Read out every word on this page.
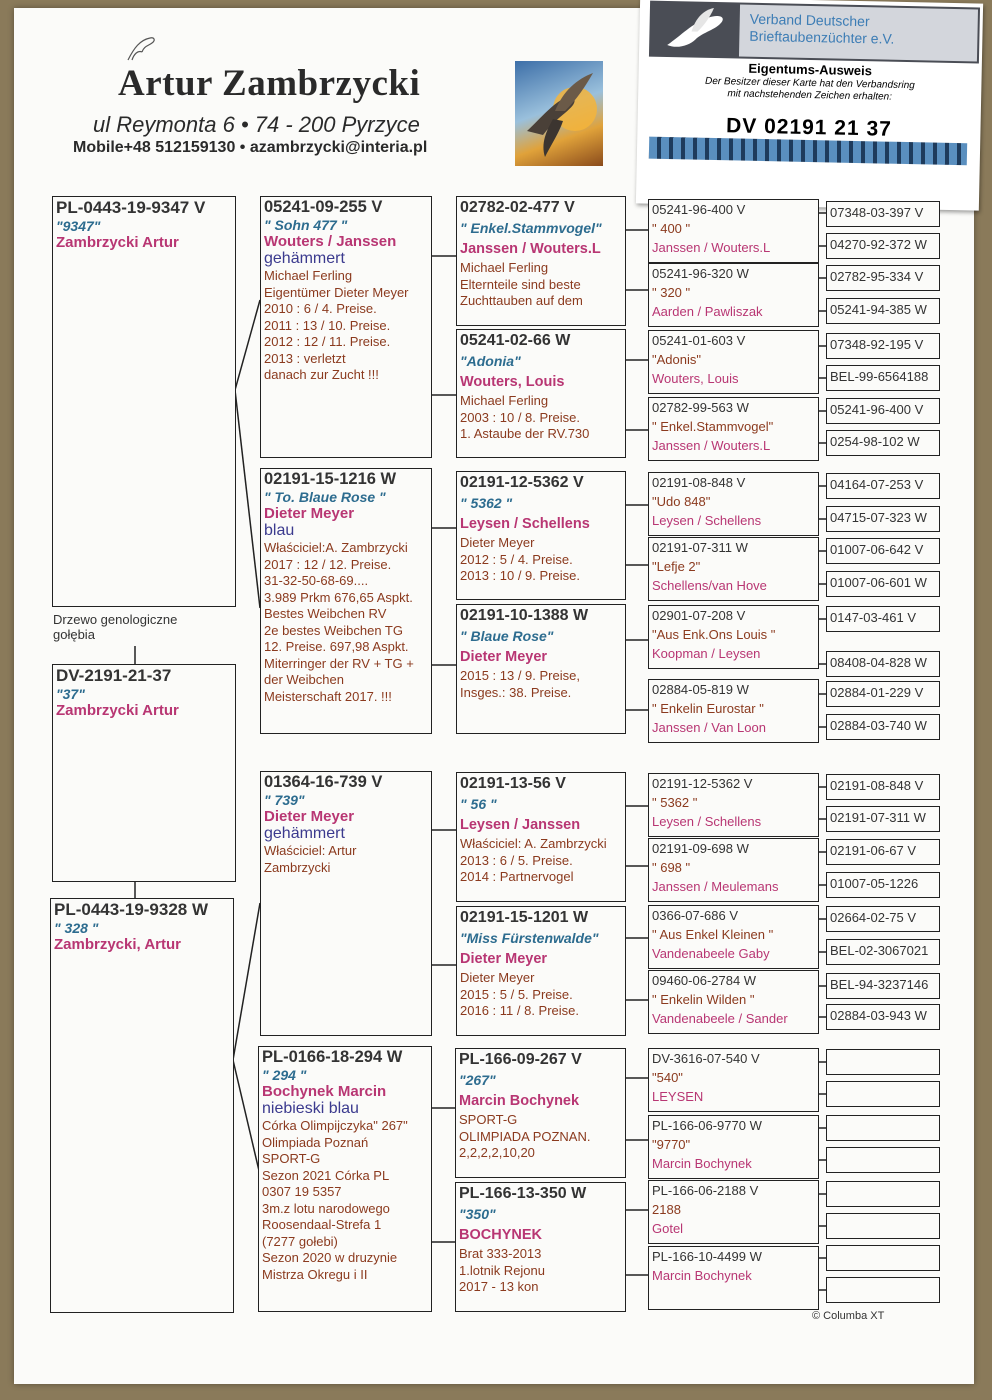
Artur Zambrzycki
ul Reymonta 6 • 74 - 200 Pyrzyce
Mobile+48 512159130 • azambrzycki@interia.pl
Verband Deutscher
Brieftaubenzüchter e.V.
Eigentums-Ausweis
Der Besitzer dieser Karte hat den Verbandsring
mit nachstehenden Zeichen erhalten:
DV 02191 21 37
PL-0443-19-9347 V
"9347"
Zambrzycki Artur
Drzewo genologiczne
gołębia
DV-2191-21-37
"37"
Zambrzycki Artur
PL-0443-19-9328 W
" 328 "
Zambrzycki, Artur
05241-09-255 V
" Sohn 477 "
Wouters / Janssen
gehämmert
Michael Ferling
Eigentümer Dieter Meyer
2010 : 6 / 4. Preise.
2011 : 13 / 10. Preise.
2012 : 12 / 11. Preise.
2013 : verletzt
danach zur Zucht !!!
02191-15-1216 W
" To. Blaue Rose "
Dieter Meyer
blau
Właściciel:A. Zambrzycki
2017 : 12 / 12. Preise.
31-32-50-68-69....
3.989 Prkm 676,65 Aspkt.
Bestes Weibchen RV
2e bestes Weibchen TG
12. Preise. 697,98 Aspkt.
Miterringer der RV + TG +
der Weibchen
Meisterschaft 2017. !!!
01364-16-739 V
" 739"
Dieter Meyer
gehämmert
Właściciel: Artur
Zambrzycki
PL-0166-18-294 W
" 294 "
Bochynek Marcin
niebieski blau
Córka Olimpijczyka" 267"
Olimpiada Poznań
SPORT-G
Sezon 2021 Córka PL
0307 19 5357
3m.z lotu narodowego
Roosendaal-Strefa 1
(7277 gołebi)
Sezon 2020 w druzynie
Mistrza Okregu i II
02782-02-477 V
" Enkel.Stammvogel"
Janssen / Wouters.L
Michael Ferling
Elternteile sind beste
Zuchttauben auf dem
05241-02-66 W
"Adonia"
Wouters, Louis
Michael Ferling
2003 : 10 / 8. Preise.
1. Astaube der RV.730
02191-12-5362 V
" 5362 "
Leysen / Schellens
Dieter Meyer
2012 : 5 / 4. Preise.
2013 : 10 / 9. Preise.
02191-10-1388 W
" Blaue Rose"
Dieter Meyer
2015 : 13 / 9. Preise,
Insges.: 38. Preise.
02191-13-56 V
" 56 "
Leysen / Janssen
Właściciel: A. Zambrzycki
2013 : 6 / 5. Preise.
2014 : Partnervogel
02191-15-1201 W
"Miss Fürstenwalde"
Dieter Meyer
Dieter Meyer
2015 : 5 / 5. Preise.
2016 : 11 / 8. Preise.
PL-166-09-267 V
"267"
Marcin Bochynek
SPORT-G
OLIMPIADA POZNAN.
2,2,2,2,10,20
PL-166-13-350 W
"350"
BOCHYNEK
Brat 333-2013
1.lotnik Rejonu
2017 - 13 kon
05241-96-400 V
" 400 "
Janssen / Wouters.L
05241-96-320 W
" 320 "
Aarden / Pawliszak
05241-01-603 V
"Adonis"
Wouters, Louis
02782-99-563 W
" Enkel.Stammvogel"
Janssen / Wouters.L
02191-08-848 V
"Udo 848"
Leysen / Schellens
02191-07-311 W
"Lefje 2"
Schellens/van Hove
02901-07-208 V
"Aus Enk.Ons Louis "
Koopman / Leysen
02884-05-819 W
" Enkelin Eurostar "
Janssen / Van Loon
02191-12-5362 V
" 5362 "
Leysen / Schellens
02191-09-698 W
" 698 "
Janssen / Meulemans
0366-07-686 V
" Aus Enkel Kleinen "
Vandenabeele Gaby
09460-06-2784 W
" Enkelin Wilden "
Vandenabeele / Sander
DV-3616-07-540 V
"540"
LEYSEN
PL-166-06-9770 W
"9770"
Marcin Bochynek
PL-166-06-2188 V
2188
Gotel
PL-166-10-4499 W
Marcin Bochynek
07348-03-397 V
04270-92-372 W
02782-95-334 V
05241-94-385 W
07348-92-195 V
BEL-99-6564188
05241-96-400 V
0254-98-102 W
04164-07-253 V
04715-07-323 W
01007-06-642 V
01007-06-601 W
0147-03-461 V
08408-04-828 W
02884-01-229 V
02884-03-740 W
02191-08-848 V
02191-07-311 W
02191-06-67 V
01007-05-1226
02664-02-75 V
BEL-02-3067021
BEL-94-3237146
02884-03-943 W
© Columba XT
